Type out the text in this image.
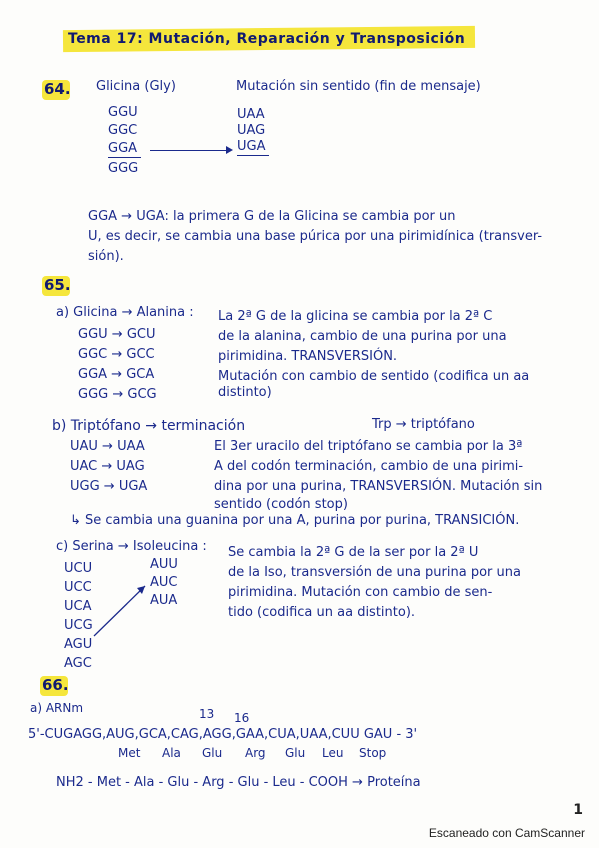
Tema 17: Mutación, Reparación y Transposición
64. Glicina (Gly)	Mutación sin sentido (fin de mensaje)
GGU
GGC
GGA
GGG
UAA
UAG
UGA
GGA → UGA: la primera G de la Glicina se cambia por un
U, es decir, se cambia una base púrica por una pirimidínica (transver-
sión).
65.
a) Glicina → Alanina :
GGU → GCU
GGC → GCC
GGA → GCA
GGG → GCG
La 2ª G de la glicina se cambia por la 2ª C
de la alanina, cambio de una purina por una
pirimidina. TRANSVERSIÓN.
Mutación con cambio de sentido (codifica un aa
distinto)
b) Triptófano → terminación	Trp → triptófano
UAU → UAA
UAC → UAG
UGG → UGA
El 3er uracilo del triptófano se cambia por la 3ª
A del codón terminación, cambio de una pirimi-
dina por una purina, TRANSVERSIÓN. Mutación sin
sentido (codón stop)
↳ Se cambia una guanina por una A, purina por purina, TRANSICIÓN.
c) Serina → Isoleucina :
UCU
UCC
UCA
UCG
AGU
AGC
AUU
AUC
AUA
Se cambia la 2ª G de la ser por la 2ª U
de la Iso, transversión de una purina por una
pirimidina. Mutación con cambio de sen-
tido (codifica un aa distinto).
66.
a) ARNm	13 16
5'-CUGAGG,AUG,GCA,CAG,AGG,GAA,CUA,UAA,CUU GAU - 3'
Met Ala Glu Arg Glu Leu Stop
NH2 - Met - Ala - Glu - Arg - Glu - Leu - COOH → Proteína
1
Escaneado con CamScanner
